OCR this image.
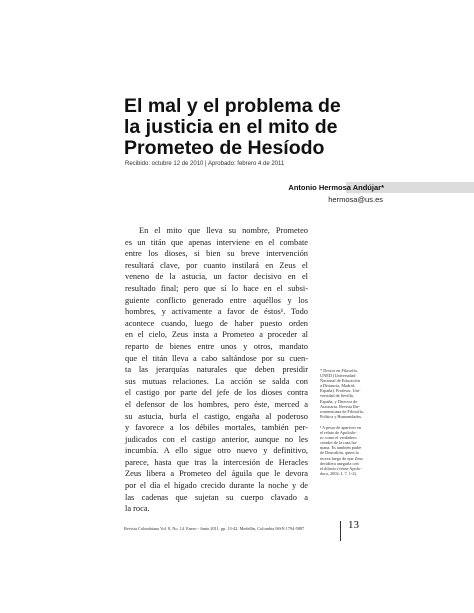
El mal y el problema de
la justicia en el mito de
Prometeo de Hesíodo
Recibido: octubre 12 de 2010 | Aprobado: febrero 4 de 2011
Antonio Hermosa Andújar*
hermosa@us.es
En el mito que lleva su nombre, Prometeo
es un titán que apenas interviene en el combate
entre los dioses, si bien su breve intervención
resultará clave, por cuanto instilará en Zeus el
veneno de la astucia, un factor decisivo en el
resultado final; pero que sí lo hace en el subsi-
guiente conflicto generado entre aquéllos y los
hombres, y activamente a favor de éstos¹. Todo
acontece cuando, luego de haber puesto orden
en el cielo, Zeus insta a Prometeo a proceder al
reparto de bienes entre unos y otros, mandato
que el titán lleva a cabo saltándose por su cuen-
ta las jerarquías naturales que deben presidir
sus mutuas relaciones. La acción se salda con
el castigo por parte del jefe de los dioses contra
el defensor de los hombres, pero éste, merced a
su astucia, burla el castigo, engaña al poderoso
y favorece a los débiles mortales, también per-
judicados con el castigo anterior, aunque no les
incumbía. A ello sigue otro nuevo y definitivo,
parece, hasta que tras la intercesión de Heracles
Zeus libera a Prometeo del águila que le devora
por el día el hígado crecido durante la noche y de
las cadenas que sujetan su cuerpo clavado a
la roca.
* Doctor en Filosofía,
UNED (Universidad
Nacional de Educación
a Distancia, Madrid,
España). Profesor, Uni-
versidad de Sevilla,
España, y Director de
Araucaria. Revista Ibe-
roamericana de Filosofía,
Política y Humanidades.
¹ A pesar de aparecer en
el relato de Apolodo-
ro como el verdadero
creador de la raza hu-
mana. Es también padre
de Deucalión, quien la
recrea luego de que Zeus
decidiera anegarla con
el diluvio (véase Apolo-
doro, 2002: I, 7, 1-2).
Revista Colombiana Vol. 8, No. 14. Enero - Junio 2011. pp. 13-42. Medellín, Colombia ISSN 1794-5887	13
